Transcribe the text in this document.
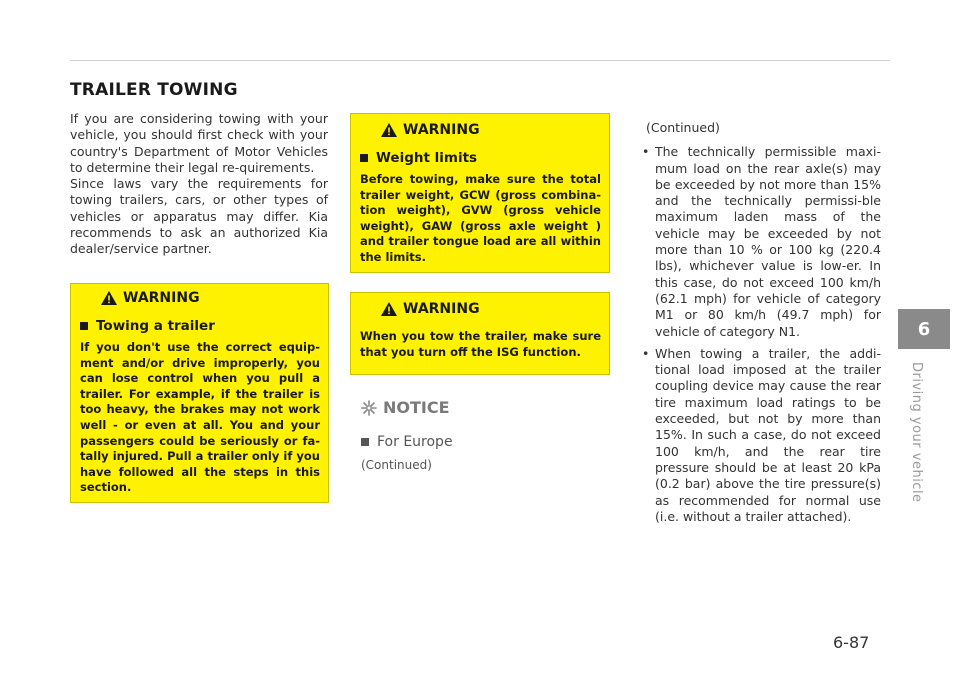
TRAILER TOWING

If you are considering towing with your vehicle, you should first check with your country's Department of Motor Vehicles to determine their legal re-quirements.

Since laws vary the requirements for towing trailers, cars, or other types of vehicles or apparatus may differ. Kia recommends to ask an authorized Kia dealer/service partner.

WARNING
Towing a trailer
If you don't use the correct equip-ment and/or drive improperly, you can lose control when you pull a trailer. For example, if the trailer is too heavy, the brakes may not work well - or even at all. You and your passengers could be seriously or fa-tally injured. Pull a trailer only if you have followed all the steps in this section.
WARNING
Weight limits
Before towing, make sure the total trailer weight, GCW (gross combina-tion weight), GVW (gross vehicle weight), GAW (gross axle weight ) and trailer tongue load are all within the limits.
WARNING
When you tow the trailer, make sure that you turn off the ISG function.
NOTICE
For Europe
(Continued)
(Continued)
• The technically permissible maxi-mum load on the rear axle(s) may be exceeded by not more than 15% and the technically permissi-ble maximum laden mass of the vehicle may be exceeded by not more than 10 % or 100 kg (220.4 lbs), whichever value is low-er. In this case, do not exceed 100 km/h (62.1 mph) for vehicle of category M1 or 80 km/h (49.7 mph) for vehicle of category N1.
• When towing a trailer, the addi-tional load imposed at the trailer coupling device may cause the rear tire maximum load ratings to be exceeded, but not by more than 15%. In such a case, do not exceed 100 km/h, and the rear tire pressure should be at least 20 kPa (0.2 bar) above the tire pressure(s) as recommended for normal use (i.e. without a trailer attached).
6
Driving your vehicle
6-87
